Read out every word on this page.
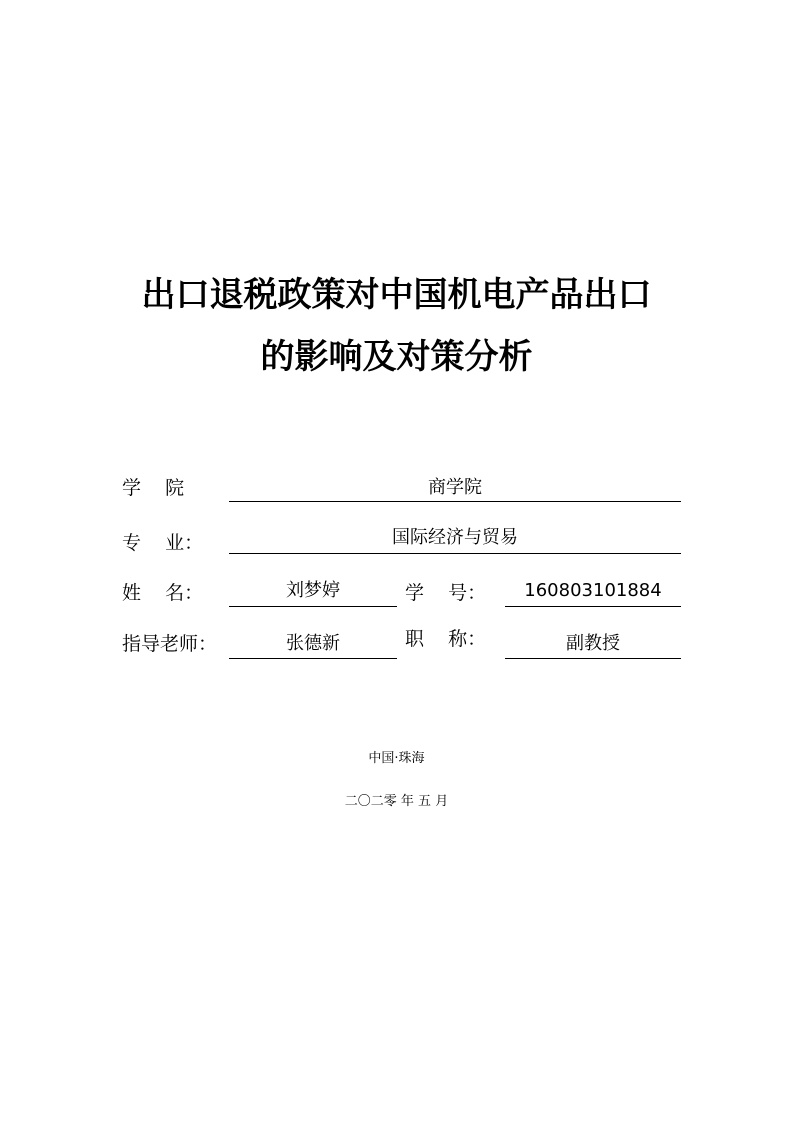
出口退税政策对中国机电产品出口
的影响及对策分析
学    院	商学院
专    业：	国际经济与贸易
姓    名：	刘梦婷	学    号：	160803101884
指导老师：	张德新	职    称：	副教授
中国·珠海
二〇二零 年 五 月
